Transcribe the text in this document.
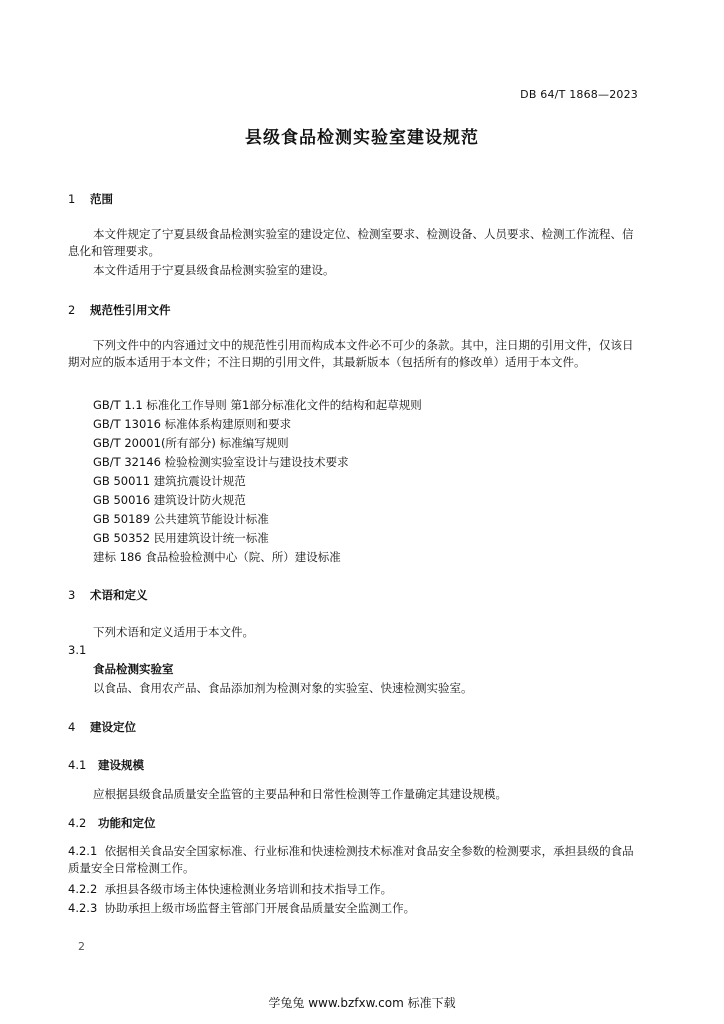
DB 64/T 1868—2023
县级食品检测实验室建设规范
1 范围
本文件规定了宁夏县级食品检测实验室的建设定位、检测室要求、检测设备、人员要求、检测工作流程、信息化和管理要求。
本文件适用于宁夏县级食品检测实验室的建设。
2 规范性引用文件
下列文件中的内容通过文中的规范性引用而构成本文件必不可少的条款。其中，注日期的引用文件，仅该日期对应的版本适用于本文件；不注日期的引用文件，其最新版本（包括所有的修改单）适用于本文件。
GB/T 1.1 标准化工作导则 第1部分标准化文件的结构和起草规则
GB/T 13016 标准体系构建原则和要求
GB/T 20001(所有部分) 标准编写规则
GB/T 32146 检验检测实验室设计与建设技术要求
GB 50011 建筑抗震设计规范
GB 50016 建筑设计防火规范
GB 50189 公共建筑节能设计标准
GB 50352 民用建筑设计统一标准
建标 186 食品检验检测中心（院、所）建设标准
3 术语和定义
下列术语和定义适用于本文件。
3.1
食品检测实验室
以食品、食用农产品、食品添加剂为检测对象的实验室、快速检测实验室。
4 建设定位
4.1 建设规模
应根据县级食品质量安全监管的主要品种和日常性检测等工作量确定其建设规模。
4.2 功能和定位
4.2.1 依据相关食品安全国家标准、行业标准和快速检测技术标准对食品安全参数的检测要求，承担县级的食品质量安全日常检测工作。
4.2.2 承担县各级市场主体快速检测业务培训和技术指导工作。
4.2.3 协助承担上级市场监督主管部门开展食品质量安全监测工作。
2
学兔兔 www.bzfxw.com 标准下载
